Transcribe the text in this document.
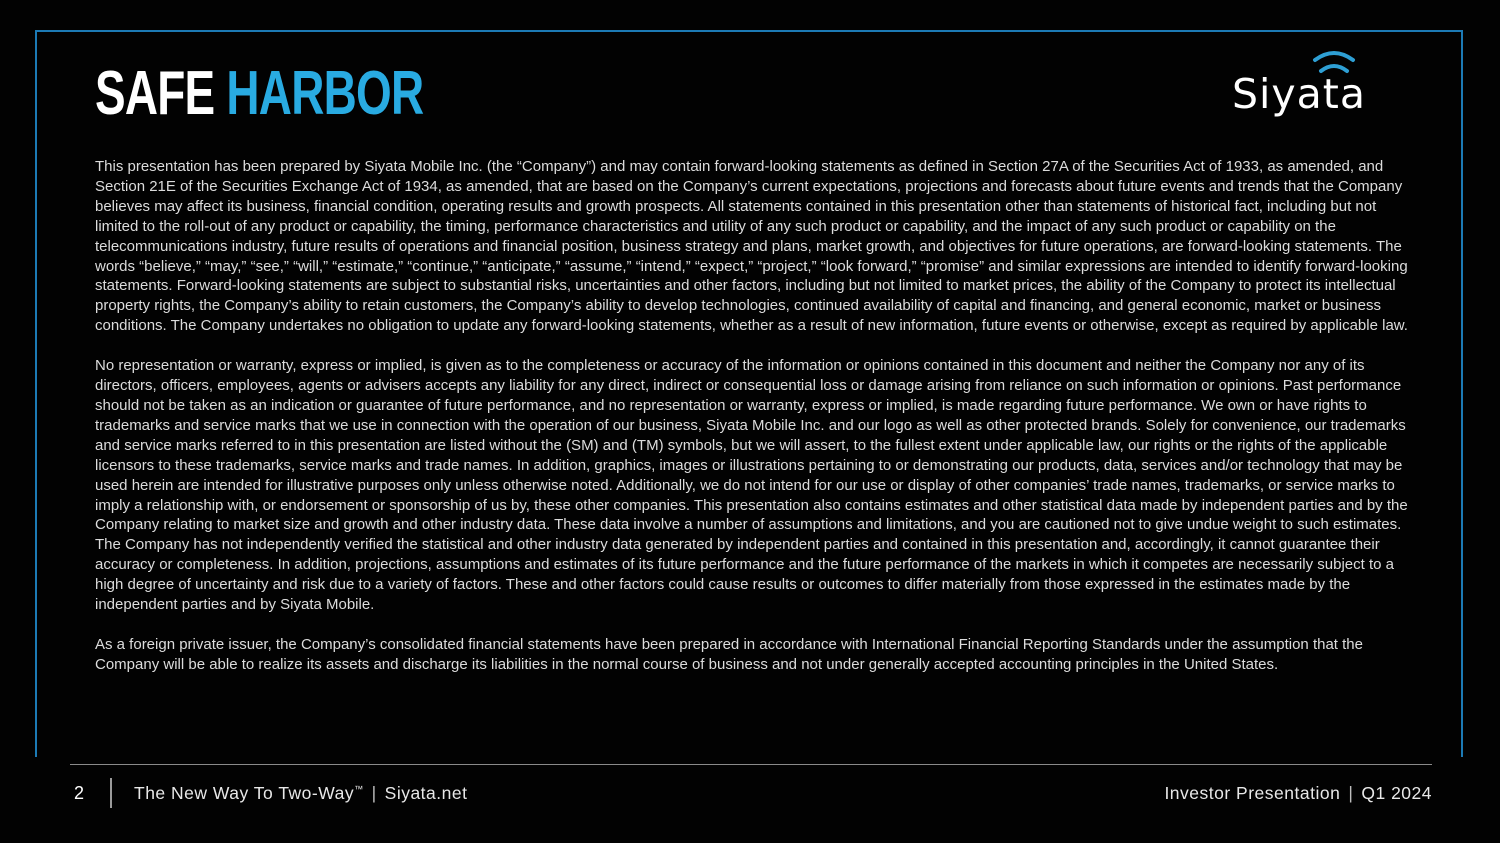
SAFE HARBOR	Siyata

This presentation has been prepared by Siyata Mobile Inc. (the “Company”) and may contain forward-looking statements as defined in Section 27A of the Securities Act of 1933, as amended, and Section 21E of the Securities Exchange Act of 1934, as amended, that are based on the Company’s current expectations, projections and forecasts about future events and trends that the Company believes may affect its business, financial condition, operating results and growth prospects. All statements contained in this presentation other than statements of historical fact, including but not limited to the roll-out of any product or capability, the timing, performance characteristics and utility of any such product or capability, and the impact of any such product or capability on the telecommunications industry, future results of operations and financial position, business strategy and plans, market growth, and objectives for future operations, are forward-looking statements. The words “believe,” “may,” “see,” “will,” “estimate,” “continue,” “anticipate,” “assume,” “intend,” “expect,” “project,” “look forward,” “promise” and similar expressions are intended to identify forward-looking statements. Forward-looking statements are subject to substantial risks, uncertainties and other factors, including but not limited to market prices, the ability of the Company to protect its intellectual property rights, the Company’s ability to retain customers, the Company’s ability to develop technologies, continued availability of capital and financing, and general economic, market or business conditions. The Company undertakes no obligation to update any forward-looking statements, whether as a result of new information, future events or otherwise, except as required by applicable law.

No representation or warranty, express or implied, is given as to the completeness or accuracy of the information or opinions contained in this document and neither the Company nor any of its directors, officers, employees, agents or advisers accepts any liability for any direct, indirect or consequential loss or damage arising from reliance on such information or opinions. Past performance should not be taken as an indication or guarantee of future performance, and no representation or warranty, express or implied, is made regarding future performance. We own or have rights to trademarks and service marks that we use in connection with the operation of our business, Siyata Mobile Inc. and our logo as well as other protected brands. Solely for convenience, our trademarks and service marks referred to in this presentation are listed without the (SM) and (TM) symbols, but we will assert, to the fullest extent under applicable law, our rights or the rights of the applicable licensors to these trademarks, service marks and trade names. In addition, graphics, images or illustrations pertaining to or demonstrating our products, data, services and/or technology that may be used herein are intended for illustrative purposes only unless otherwise noted. Additionally, we do not intend for our use or display of other companies’ trade names, trademarks, or service marks to imply a relationship with, or endorsement or sponsorship of us by, these other companies. This presentation also contains estimates and other statistical data made by independent parties and by the Company relating to market size and growth and other industry data. These data involve a number of assumptions and limitations, and you are cautioned not to give undue weight to such estimates. The Company has not independently verified the statistical and other industry data generated by independent parties and contained in this presentation and, accordingly, it cannot guarantee their accuracy or completeness. In addition, projections, assumptions and estimates of its future performance and the future performance of the markets in which it competes are necessarily subject to a high degree of uncertainty and risk due to a variety of factors. These and other factors could cause results or outcomes to differ materially from those expressed in the estimates made by the independent parties and by Siyata Mobile.

As a foreign private issuer, the Company’s consolidated financial statements have been prepared in accordance with International Financial Reporting Standards under the assumption that the Company will be able to realize its assets and discharge its liabilities in the normal course of business and not under generally accepted accounting principles in the United States.

2	The New Way To Two-Way™ | Siyata.net	Investor Presentation | Q1 2024
